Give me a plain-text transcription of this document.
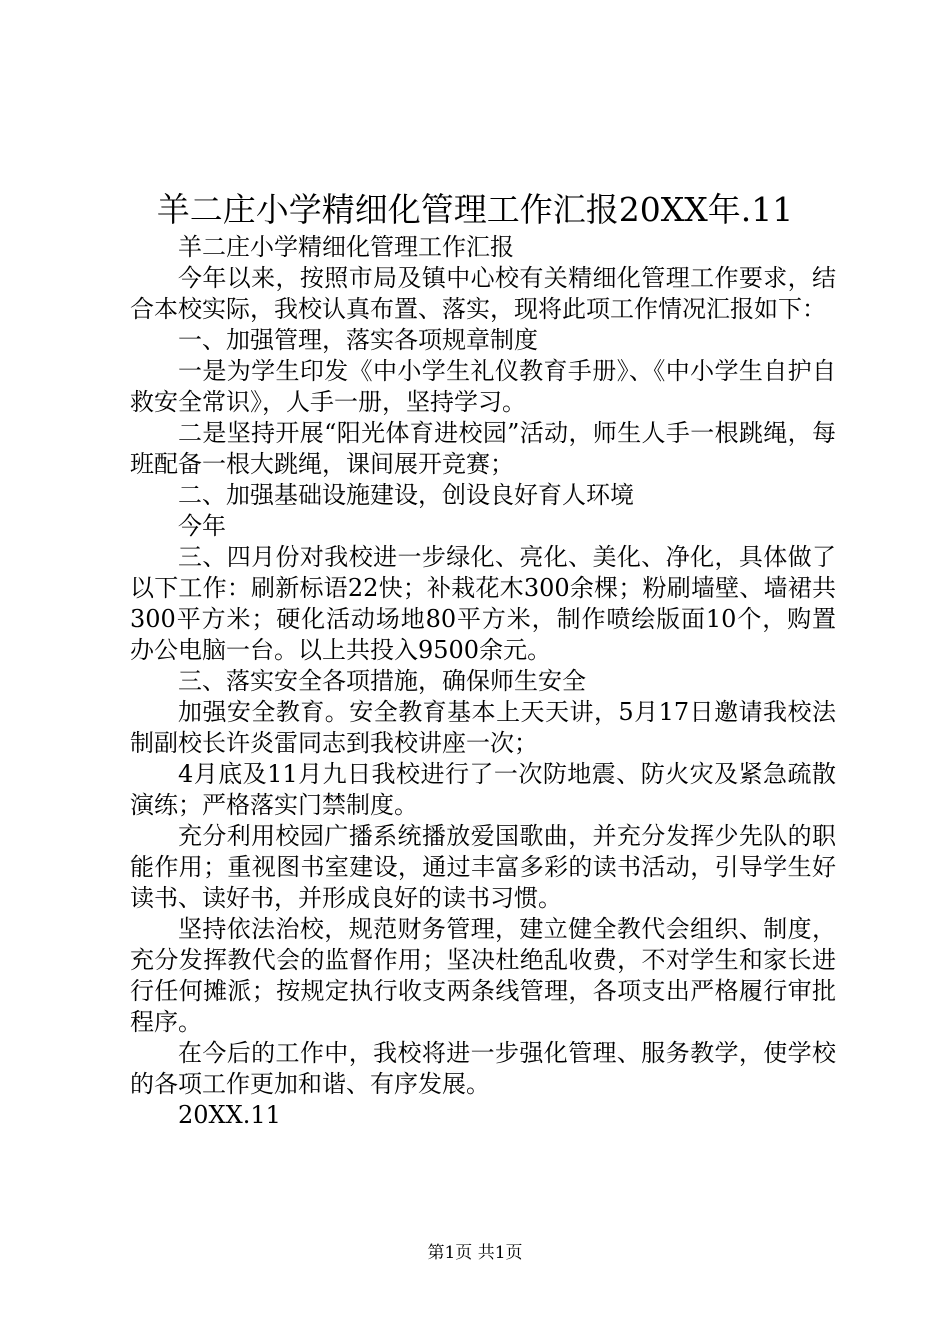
羊二庄小学精细化管理工作汇报20XX年.11

羊二庄小学精细化管理工作汇报

今年以来，按照市局及镇中心校有关精细化管理工作要求，结合本校实际，我校认真布置、落实，现将此项工作情况汇报如下：

一、加强管理，落实各项规章制度

一是为学生印发《中小学生礼仪教育手册》、《中小学生自护自救安全常识》，人手一册，坚持学习。

二是坚持开展“阳光体育进校园”活动，师生人手一根跳绳，每班配备一根大跳绳，课间展开竞赛；

二、加强基础设施建设，创设良好育人环境

今年

三、四月份对我校进一步绿化、亮化、美化、净化，具体做了以下工作：刷新标语22快；补栽花木300余棵；粉刷墙壁、墙裙共300平方米；硬化活动场地80平方米，制作喷绘版面10个，购置办公电脑一台。以上共投入9500余元。

三、落实安全各项措施，确保师生安全

加强安全教育。安全教育基本上天天讲，5月17日邀请我校法制副校长许炎雷同志到我校讲座一次；

4月底及11月九日我校进行了一次防地震、防火灾及紧急疏散演练；严格落实门禁制度。

充分利用校园广播系统播放爱国歌曲，并充分发挥少先队的职能作用；重视图书室建设，通过丰富多彩的读书活动，引导学生好读书、读好书，并形成良好的读书习惯。

坚持依法治校，规范财务管理，建立健全教代会组织、制度，充分发挥教代会的监督作用；坚决杜绝乱收费，不对学生和家长进行任何摊派；按规定执行收支两条线管理，各项支出严格履行审批程序。

在今后的工作中，我校将进一步强化管理、服务教学，使学校的各项工作更加和谐、有序发展。

20XX.11

第1页 共1页
